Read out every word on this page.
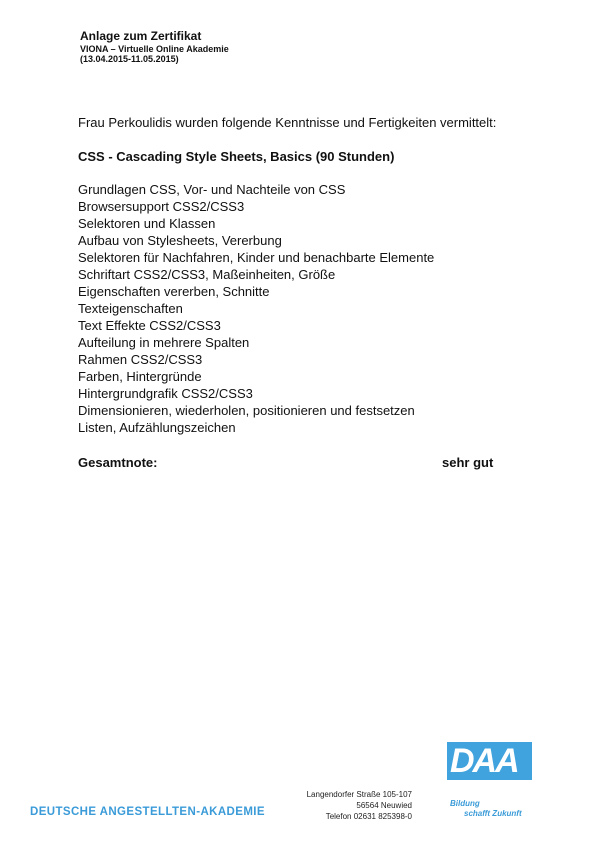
Anlage zum Zertifikat
VIONA – Virtuelle Online Akademie
(13.04.2015-11.05.2015)
Frau Perkoulidis wurden folgende Kenntnisse und Fertigkeiten vermittelt:
CSS - Cascading Style Sheets, Basics (90 Stunden)
Grundlagen CSS, Vor- und Nachteile von CSS
Browsersupport CSS2/CSS3
Selektoren und Klassen
Aufbau von Stylesheets, Vererbung
Selektoren für Nachfahren, Kinder und benachbarte Elemente
Schriftart CSS2/CSS3, Maßeinheiten, Größe
Eigenschaften vererben, Schnitte
Texteigenschaften
Text Effekte CSS2/CSS3
Aufteilung in mehrere Spalten
Rahmen CSS2/CSS3
Farben, Hintergründe
Hintergrundgrafik CSS2/CSS3
Dimensionieren, wiederholen, positionieren und festsetzen
Listen, Aufzählungszeichen
Gesamtnote:	sehr gut
DEUTSCHE ANGESTELLTEN-AKADEMIE
Langendorfer Straße 105-107
56564 Neuwied
Telefon 02631 825398-0
DAA
Bildung
schafft Zukunft
